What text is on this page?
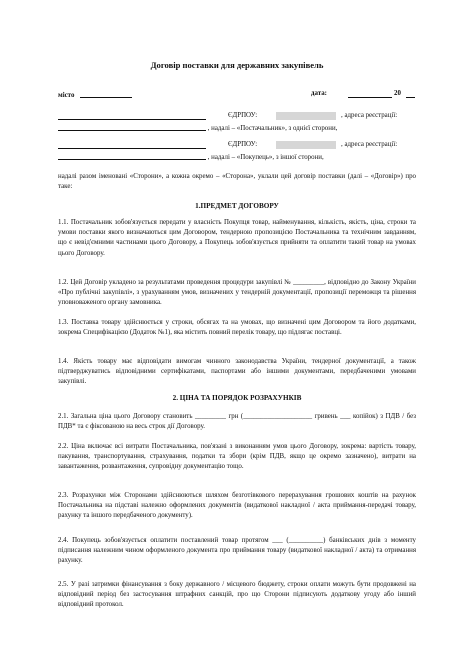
Договір поставки для державних закупівель
місто	дата:	20
ЄДРПОУ:	, адреса реєстрації:
, надалі – «Постачальник», з однієї сторони,
ЄДРПОУ:	, адреса реєстрації:
, надалі – «Покупець», з іншої сторони,

надалі разом іменовані «Сторони», а кожна окремо – «Сторона», уклали цей договір поставки (далі – «Договір») про таке:

1.ПРЕДМЕТ ДОГОВОРУ

1.1. Постачальник зобов'язується передати у власність Покупця товар, найменування, кількість, якість, ціна, строки та умови поставки якого визначаються цим Договором, тендерною пропозицією Постачальника та технічним завданням, що є невід'ємними частинами цього Договору, а Покупець зобов'язується прийняти та оплатити такий товар на умовах цього Договору.

1.2. Цей Договір укладено за результатами проведення процедури закупівлі № _________, відповідно до Закону України «Про публічні закупівлі», з урахуванням умов, визначених у тендерній документації, пропозиції переможця та рішення уповноваженого органу замовника.

1.3. Поставка товару здійснюється у строки, обсягах та на умовах, що визначені цим Договором та його додатками, зокрема Специфікацією (Додаток №1), яка містить повний перелік товару, що підлягає поставці.

1.4. Якість товару має відповідати вимогам чинного законодавства України, тендерної документації, а також підтверджуватись відповідними сертифікатами, паспортами або іншими документами, передбаченими умовами закупівлі.

2. ЦІНА ТА ПОРЯДОК РОЗРАХУНКІВ

2.1. Загальна ціна цього Договору становить _________ грн (____________________ гривень ___ копійок) з ПДВ / без ПДВ* та є фіксованою на весь строк дії Договору.

2.2. Ціна включає всі витрати Постачальника, пов'язані з виконанням умов цього Договору, зокрема: вартість товару, пакування, транспортування, страхування, податки та збори (крім ПДВ, якщо це окремо зазначено), витрати на завантаження, розвантаження, супровідну документацію тощо.

2.3. Розрахунки між Сторонами здійснюються шляхом безготівкового перерахування грошових коштів на рахунок Постачальника на підставі належно оформлених документів (видаткової накладної / акта приймання-передачі товару, рахунку та іншого передбаченого документу).

2.4. Покупець зобов'язується оплатити поставлений товар протягом ___ (__________) банківських днів з моменту підписання належним чином оформленого документа про приймання товару (видаткової накладної / акта) та отримання рахунку.

2.5. У разі затримки фінансування з боку державного / місцевого бюджету, строки оплати можуть бути продовжені на відповідний період без застосування штрафних санкцій, про що Сторони підписують додаткову угоду або інший відповідний протокол.
